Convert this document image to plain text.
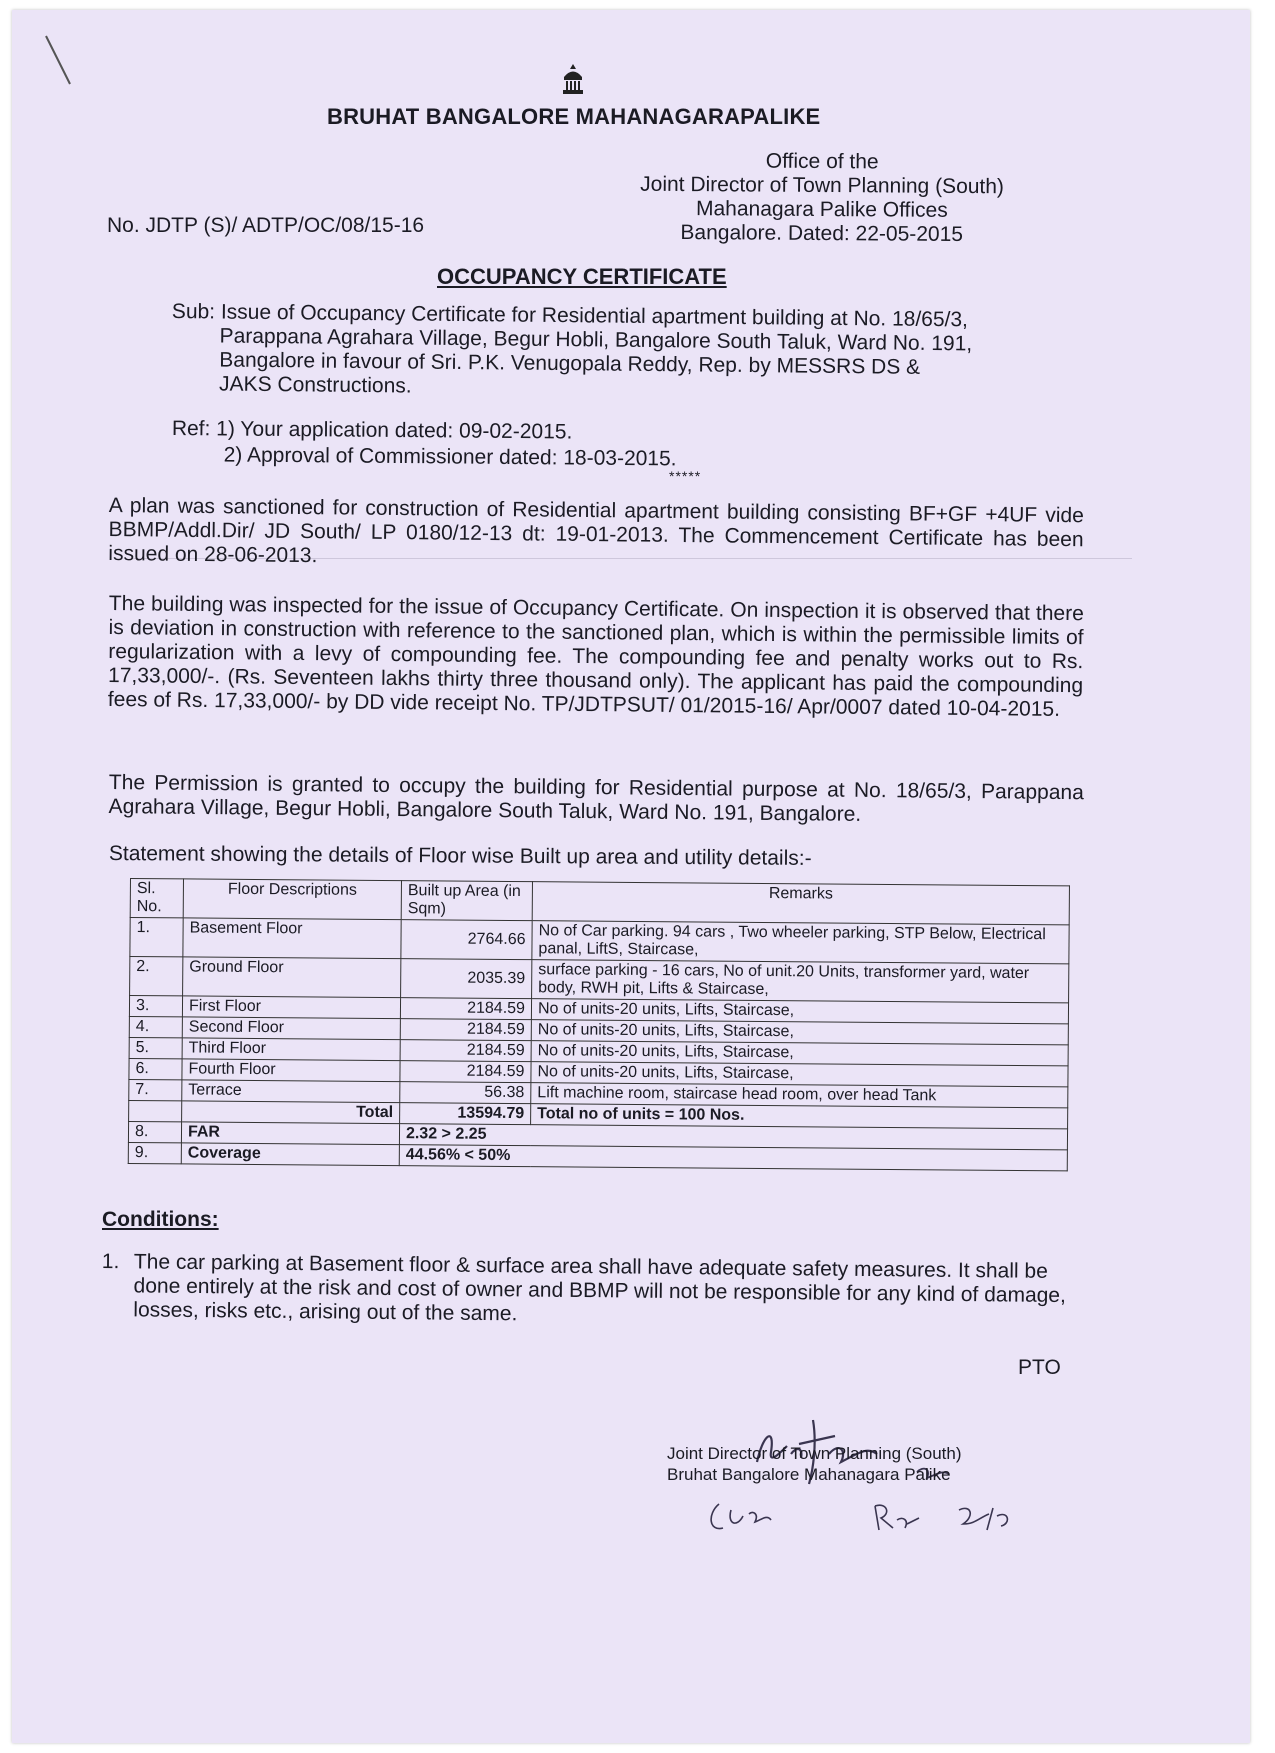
BRUHAT BANGALORE MAHANAGARAPALIKE
Office of the
Joint Director of Town Planning (South)
Mahanagara Palike Offices
Bangalore. Dated: 22-05-2015
No. JDTP (S)/ ADTP/OC/08/15-16
OCCUPANCY CERTIFICATE
Sub: Issue of Occupancy Certificate for Residential apartment building at No. 18/65/3,
Parappana Agrahara Village, Begur Hobli, Bangalore South Taluk, Ward No. 191,
Bangalore in favour of Sri. P.K. Venugopala Reddy, Rep. by MESSRS DS &
JAKS Constructions.
Ref: 1) Your application dated: 09-02-2015.
2) Approval of Commissioner dated: 18-03-2015.
*****
A plan was sanctioned for construction of Residential apartment building consisting BF+GF +4UF vide BBMP/Addl.Dir/ JD South/ LP 0180/12-13 dt: 19-01-2013. The Commencement Certificate has been issued on 28-06-2013.
The building was inspected for the issue of Occupancy Certificate. On inspection it is observed that there is deviation in construction with reference to the sanctioned plan, which is within the permissible limits of regularization with a levy of compounding fee. The compounding fee and penalty works out to Rs. 17,33,000/-. (Rs. Seventeen lakhs thirty three thousand only). The applicant has paid the compounding fees of Rs. 17,33,000/- by DD vide receipt No. TP/JDTPSUT/ 01/2015-16/ Apr/0007 dated 10-04-2015.
The Permission is granted to occupy the building for Residential purpose at No. 18/65/3, Parappana Agrahara Village, Begur Hobli, Bangalore South Taluk, Ward No. 191, Bangalore.
Statement showing the details of Floor wise Built up area and utility details:-
Sl. No.	Floor Descriptions	Built up Area (in Sqm)	Remarks
1.	Basement Floor	2764.66	No of Car parking. 94 cars , Two wheeler parking, STP Below, Electrical panal, LiftS, Staircase,
2.	Ground Floor	2035.39	surface parking - 16 cars, No of unit.20 Units, transformer yard, water body, RWH pit, Lifts & Staircase,
3.	First Floor	2184.59	No of units-20 units, Lifts, Staircase,
4.	Second Floor	2184.59	No of units-20 units, Lifts, Staircase,
5.	Third Floor	2184.59	No of units-20 units, Lifts, Staircase,
6.	Fourth Floor	2184.59	No of units-20 units, Lifts, Staircase,
7.	Terrace	56.38	Lift machine room, staircase head room, over head Tank
	Total	13594.79	Total no of units = 100 Nos.
8.	FAR	2.32 > 2.25	
9.	Coverage	44.56% < 50%	
Conditions:
1. The car parking at Basement floor & surface area shall have adequate safety measures. It shall be done entirely at the risk and cost of owner and BBMP will not be responsible for any kind of damage, losses, risks etc., arising out of the same.
PTO
Joint Director of Town Planning (South)
Bruhat Bangalore Mahanagara Palike
